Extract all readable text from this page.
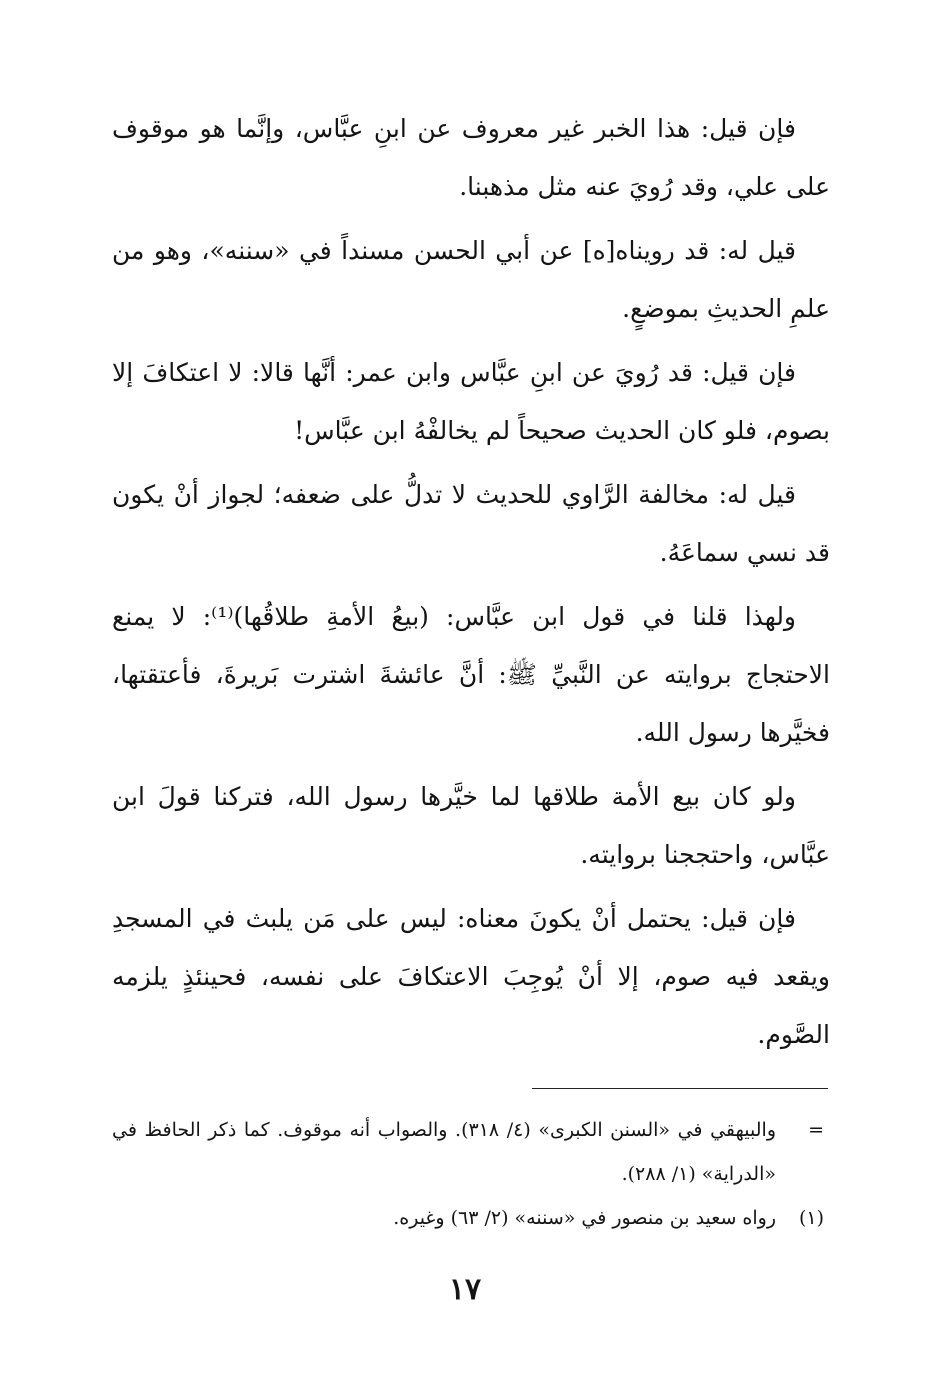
فإن قيل: هذا الخبر غير معروف عن ابنِ عبَّاس، وإنَّما هو موقوف على علي، وقد رُويَ عنه مثل مذهبنا.

قيل له: قد رويناه[ه] عن أبي الحسن مسنداً في «سننه»، وهو من علمِ الحديثِ بموضعٍ.

فإن قيل: قد رُويَ عن ابنِ عبَّاس وابن عمر: أنَّها قالا: لا اعتكافَ إلا بصوم، فلو كان الحديث صحيحاً لم يخالفْهُ ابن عبَّاس!

قيل له: مخالفة الرَّاوي للحديث لا تدلُّ على ضعفه؛ لجواز أنْ يكون قد نسي سماعَهُ.

ولهذا قلنا في قول ابن عبَّاس: (بيعُ الأمةِ طلاقُها)⁽¹⁾: لا يمنع الاحتجاج بروايته عن النَّبيِّ ﷺ: أنَّ عائشةَ اشترت بَريرةَ، فأعتقتها، فخيَّرها رسول الله.

ولو كان بيع الأمة طلاقها لما خيَّرها رسول الله، فتركنا قولَ ابن عبَّاس، واحتججنا بروايته.

فإن قيل: يحتمل أنْ يكونَ معناه: ليس على مَن يلبث في المسجدِ ويقعد فيه صوم، إلا أنْ يُوجِبَ الاعتكافَ على نفسه، فحينئذٍ يلزمه الصَّوم.

=
والبيهقي في «السنن الكبرى» (٤/ ٣١٨). والصواب أنه موقوف. كما ذكر الحافظ في «الدراية» (١/ ٢٨٨).
(١)
رواه سعيد بن منصور في «سننه» (٢/ ٦٣) وغيره.
١٧
